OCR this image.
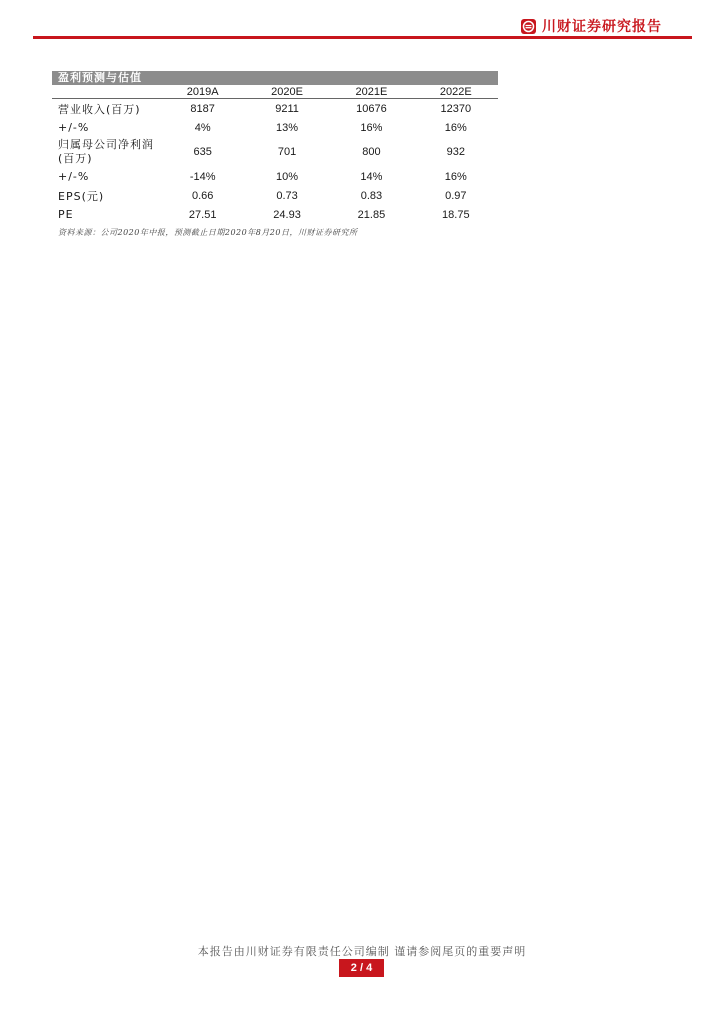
川财证券研究报告
盈利预测与估值
	2019A	2020E	2021E	2022E
营业收入(百万)	8187	9211	10676	12370
+/-%	4%	13%	16%	16%
归属母公司净利润(百万)	635	701	800	932
+/-%	-14%	10%	14%	16%
EPS(元)	0.66	0.73	0.83	0.97
PE	27.51	24.93	21.85	18.75
资料来源：公司2020年中报，预测截止日期2020年8月20日，川财证券研究所
本报告由川财证券有限责任公司编制 谨请参阅尾页的重要声明
2 / 4
